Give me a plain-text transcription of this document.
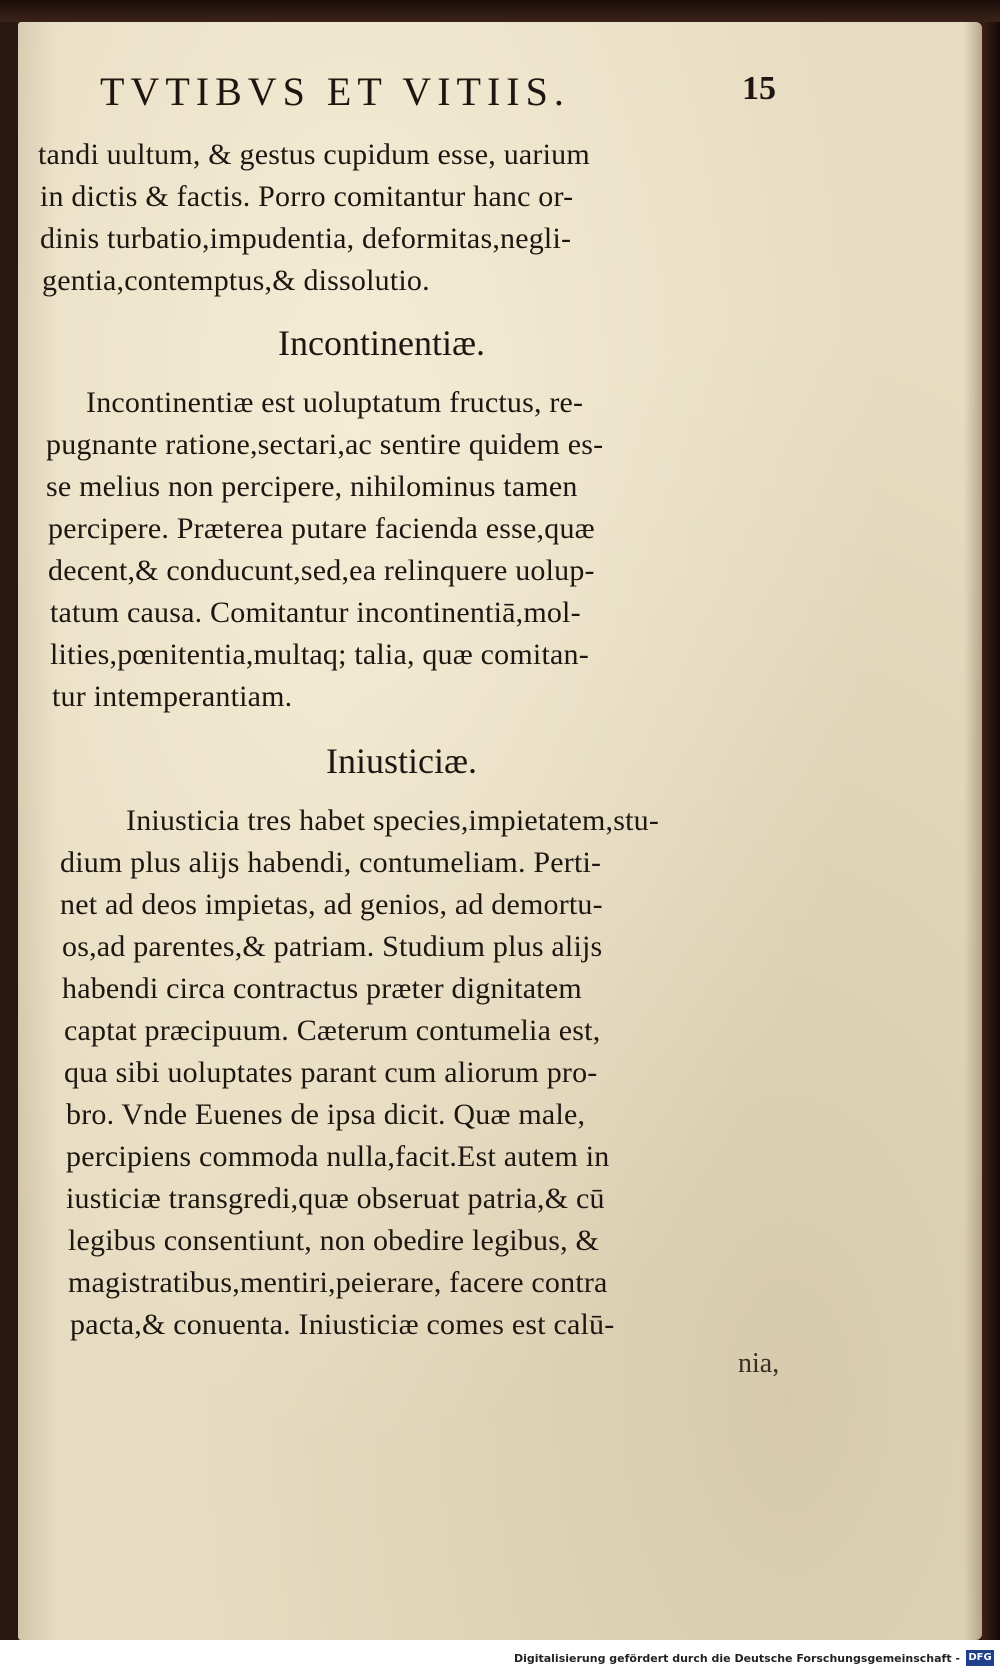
TVTIBVS ET VITIIS.	15
tandi uultum, & gestus cupidum esse, uarium
in dictis & factis. Porro comitantur hanc or-
dinis turbatio,impudentia, deformitas,negli-
gentia,contemptus,& dissolutio.
Incontinentiæ.
Incontinentiæ est uoluptatum fructus, re-
pugnante ratione,sectari,ac sentire quidem es-
se melius non percipere, nihilominus tamen
percipere. Præterea putare facienda esse,quæ
decent,& conducunt,sed,ea relinquere uolup-
tatum causa. Comitantur incontinentiā,mol-
lities,pœnitentia,multaq; talia, quæ comitan-
tur intemperantiam.
Iniusticiæ.
Iniusticia tres habet species,impietatem,stu-
dium plus alijs habendi, contumeliam. Perti-
net ad deos impietas, ad genios, ad demortu-
os,ad parentes,& patriam. Studium plus alijs
habendi circa contractus præter dignitatem
captat præcipuum. Cæterum contumelia est,
qua sibi uoluptates parant cum aliorum pro-
bro. Vnde Euenes de ipsa dicit. Quæ male,
percipiens commoda nulla,facit.Est autem in
iusticiæ transgredi,quæ obseruat patria,& cū
legibus consentiunt, non obedire legibus, &
magistratibus,mentiri,peierare, facere contra
pacta,& conuenta. Iniusticiæ comes est calū-
nia,
Digitalisierung gefördert durch die Deutsche Forschungsgemeinschaft - DFG
